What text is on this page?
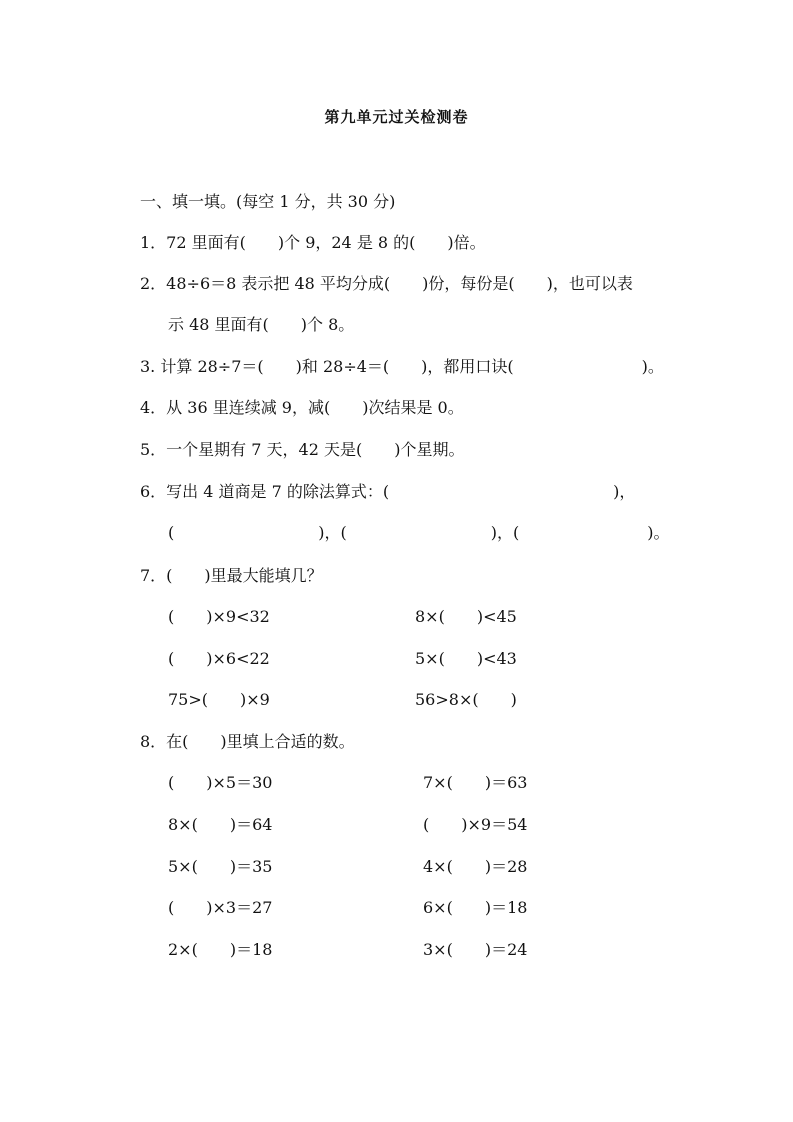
第九单元过关检测卷
一、填一填。(每空 1 分，共 30 分)
1．72 里面有(　　)个 9，24 是 8 的(　　)倍。
2．48÷6＝8 表示把 48 平均分成(　　)份，每份是(　　)，也可以表
示 48 里面有(　　)个 8。
3. 计算 28÷7＝(　　)和 28÷4＝(　　)，都用口诀(　　　　　　　　)。
4．从 36 里连续减 9，减(　　)次结果是 0。
5．一个星期有 7 天，42 天是(　　)个星期。
6．写出 4 道商是 7 的除法算式：(　　　　　　　　　　　　　　)，
(　　　　　　　　　)，(　　　　　　　　　)，(　　　　　　　　)。
7．(　　)里最大能填几？
(　　)×9<32	8×(　　)<45
(　　)×6<22	5×(　　)<43
75>(　　)×9	56>8×(　　)
8．在(　　)里填上合适的数。
(　　)×5＝30	7×(　　)＝63
8×(　　)＝64	(　　)×9＝54
5×(　　)＝35	4×(　　)＝28
(　　)×3＝27	6×(　　)＝18
2×(　　)＝18	3×(　　)＝24
